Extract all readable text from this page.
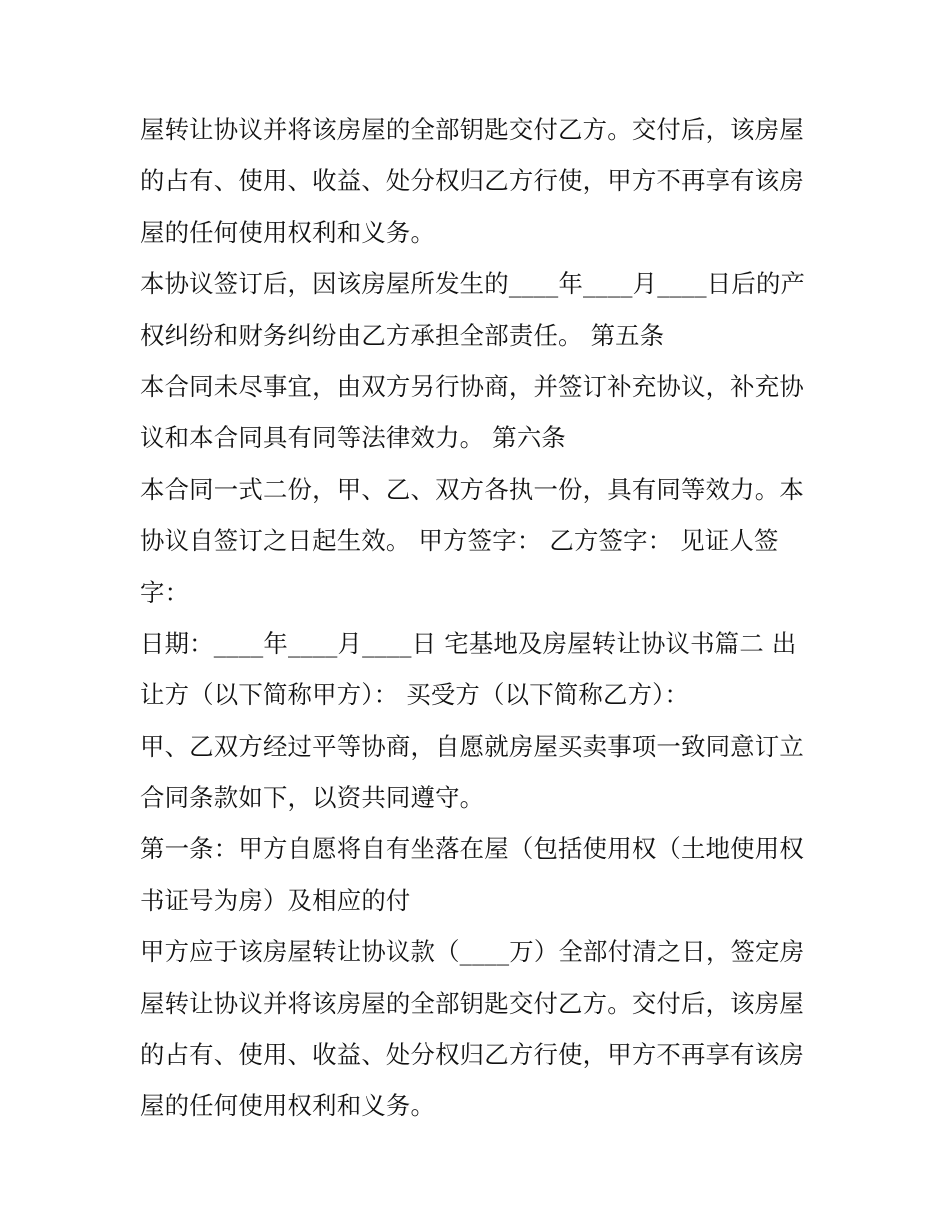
屋转让协议并将该房屋的全部钥匙交付乙方。交付后，该房屋
的占有、使用、收益、处分权归乙方行使，甲方不再享有该房
屋的任何使用权利和义务。
本协议签订后，因该房屋所发生的____年____月____日后的产
权纠纷和财务纠纷由乙方承担全部责任。 第五条
本合同未尽事宜，由双方另行协商，并签订补充协议，补充协
议和本合同具有同等法律效力。 第六条
本合同一式二份，甲、乙、双方各执一份，具有同等效力。本
协议自签订之日起生效。 甲方签字： 乙方签字： 见证人签
字：
日期：____年____月____日 宅基地及房屋转让协议书篇二 出
让方（以下简称甲方）： 买受方（以下简称乙方）：
甲、乙双方经过平等协商，自愿就房屋买卖事项一致同意订立
合同条款如下，以资共同遵守。
第一条：甲方自愿将自有坐落在屋（包括使用权（土地使用权
书证号为房）及相应的付
甲方应于该房屋转让协议款（____万）全部付清之日，签定房
屋转让协议并将该房屋的全部钥匙交付乙方。交付后，该房屋
的占有、使用、收益、处分权归乙方行使，甲方不再享有该房
屋的任何使用权利和义务。
